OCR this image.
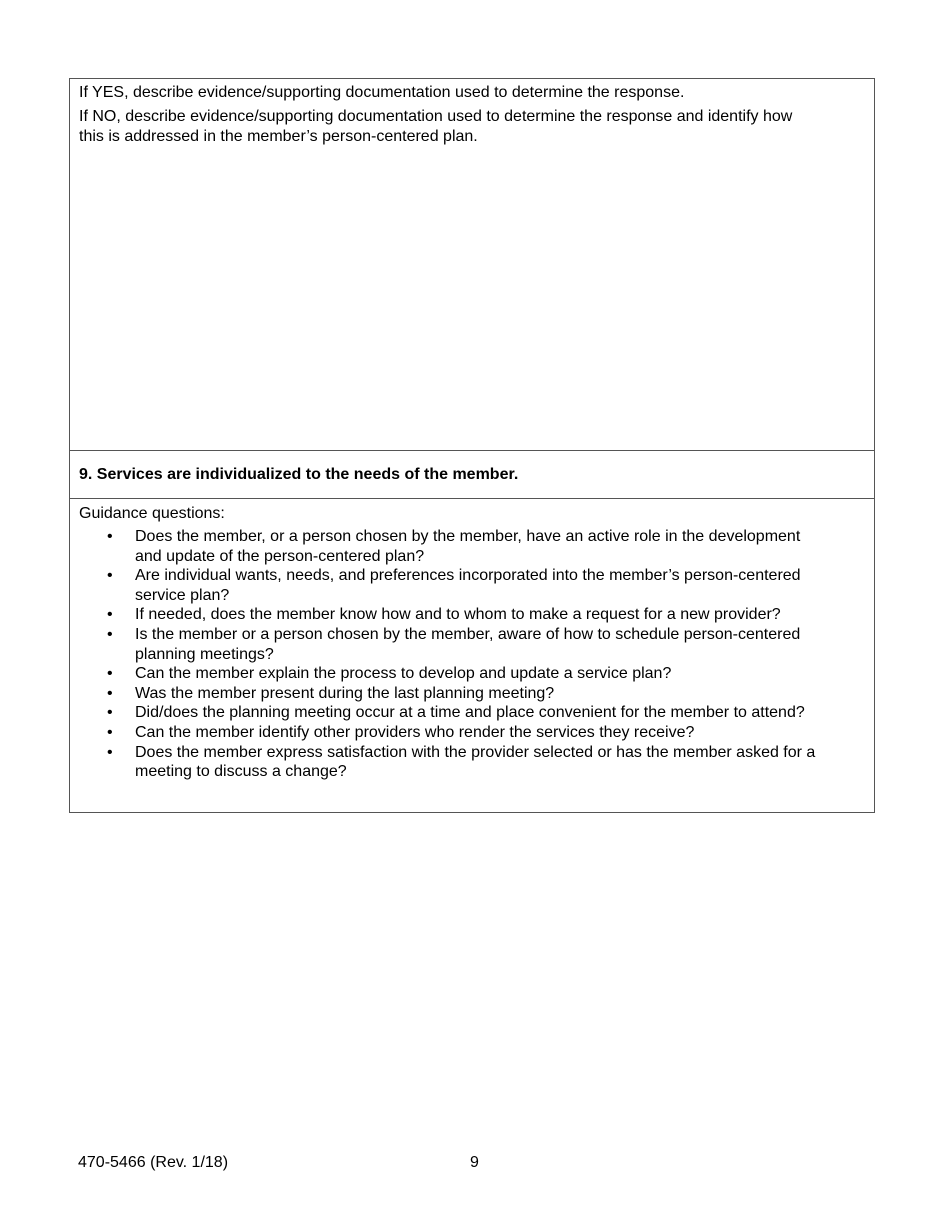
If YES, describe evidence/supporting documentation used to determine the response.

If NO, describe evidence/supporting documentation used to determine the response and identify how

this is addressed in the member’s person-centered plan.

9. Services are individualized to the needs of the member.

Guidance questions:

• Does the member, or a person chosen by the member, have an active role in the development
and update of the person-centered plan?
• Are individual wants, needs, and preferences incorporated into the member’s person-centered
service plan?
• If needed, does the member know how and to whom to make a request for a new provider?
• Is the member or a person chosen by the member, aware of how to schedule person-centered
planning meetings?
• Can the member explain the process to develop and update a service plan?
• Was the member present during the last planning meeting?
• Did/does the planning meeting occur at a time and place convenient for the member to attend?
• Can the member identify other providers who render the services they receive?
• Does the member express satisfaction with the provider selected or has the member asked for a
meeting to discuss a change?
470-5466 (Rev. 1/18)	9
